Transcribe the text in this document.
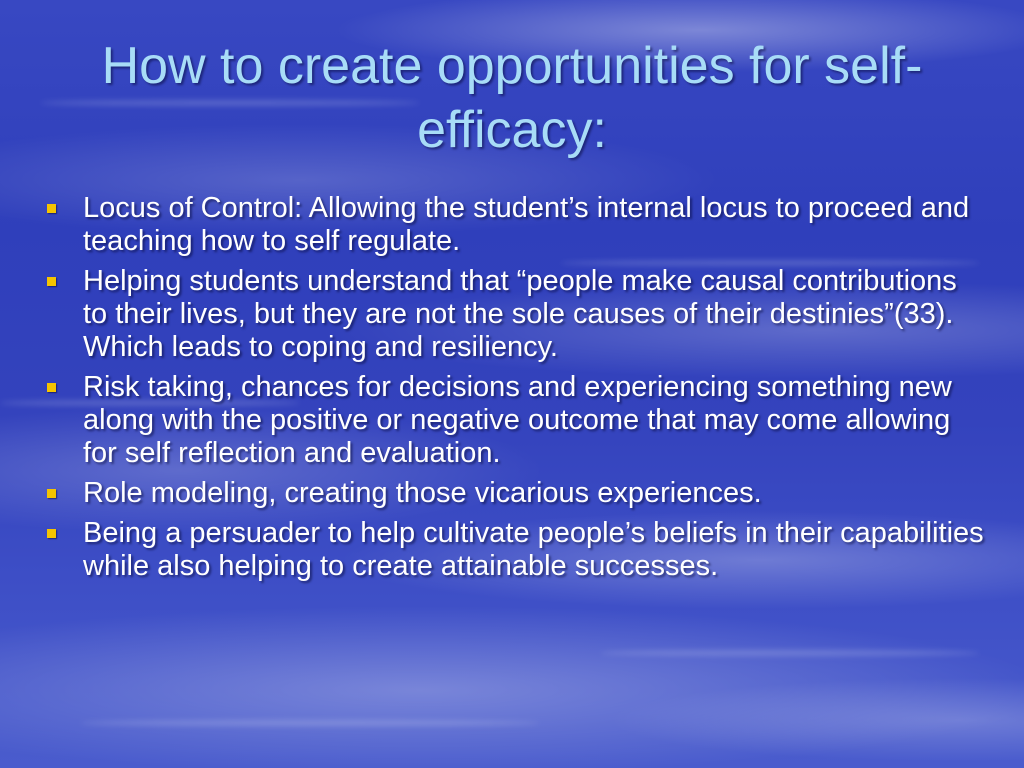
How to create opportunities for self-efficacy:
Locus of Control: Allowing the student’s internal locus to proceed and teaching how to self regulate.
Helping students understand that “people make causal contributions to their lives, but they are not the sole causes of their destinies”(33). Which leads to coping and resiliency.
Risk taking, chances for decisions and experiencing something new along with the positive or negative outcome that may come allowing for self reflection and evaluation.
Role modeling, creating those vicarious experiences.
Being a persuader to help cultivate people’s beliefs in their capabilities while also helping to create attainable successes.
